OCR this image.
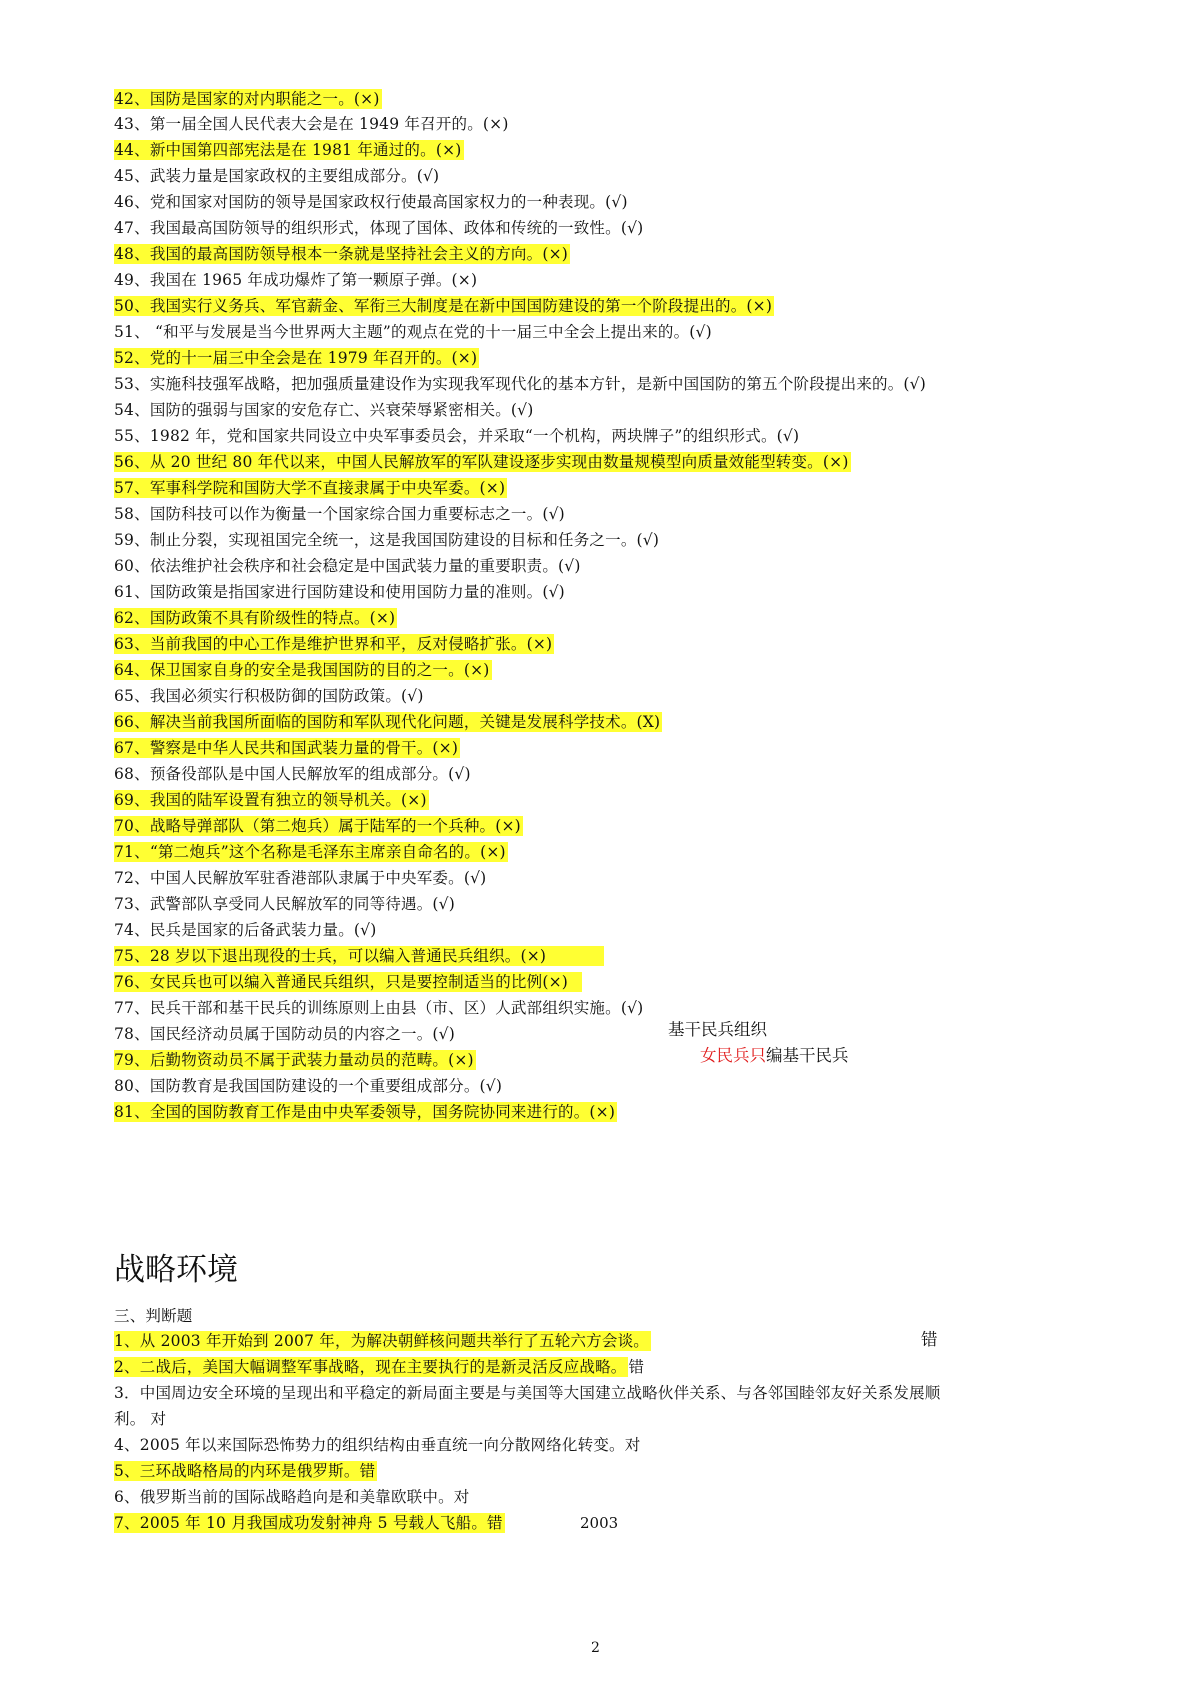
42、国防是国家的对内职能之一。(×)
43、第一届全国人民代表大会是在 1949 年召开的。(×)
44、新中国第四部宪法是在 1981 年通过的。(×)
45、武装力量是国家政权的主要组成部分。(√)
46、党和国家对国防的领导是国家政权行使最高国家权力的一种表现。(√)
47、我国最高国防领导的组织形式，体现了国体、政体和传统的一致性。(√)
48、我国的最高国防领导根本一条就是坚持社会主义的方向。(×)
49、我国在 1965 年成功爆炸了第一颗原子弹。(×)
50、我国实行义务兵、军官薪金、军衔三大制度是在新中国国防建设的第一个阶段提出的。(×)
51、 “和平与发展是当今世界两大主题”的观点在党的十一届三中全会上提出来的。(√)
52、党的十一届三中全会是在 1979 年召开的。(×)
53、实施科技强军战略，把加强质量建设作为实现我军现代化的基本方针，是新中国国防的第五个阶段提出来的。(√)
54、国防的强弱与国家的安危存亡、兴衰荣辱紧密相关。(√)
55、1982 年，党和国家共同设立中央军事委员会，并采取“一个机构，两块牌子”的组织形式。(√)
56、从 20 世纪 80 年代以来，中国人民解放军的军队建设逐步实现由数量规模型向质量效能型转变。(×)
57、军事科学院和国防大学不直接隶属于中央军委。(×)
58、国防科技可以作为衡量一个国家综合国力重要标志之一。(√)
59、制止分裂，实现祖国完全统一，这是我国国防建设的目标和任务之一。(√)
60、依法维护社会秩序和社会稳定是中国武装力量的重要职责。(√)
61、国防政策是指国家进行国防建设和使用国防力量的准则。(√)
62、国防政策不具有阶级性的特点。(×)
63、当前我国的中心工作是维护世界和平，反对侵略扩张。(×)
64、保卫国家自身的安全是我国国防的目的之一。(×)
65、我国必须实行积极防御的国防政策。(√)
66、解决当前我国所面临的国防和军队现代化问题，关键是发展科学技术。(X)
67、警察是中华人民共和国武装力量的骨干。(×)
68、预备役部队是中国人民解放军的组成部分。(√)
69、我国的陆军设置有独立的领导机关。(×)
70、战略导弹部队（第二炮兵）属于陆军的一个兵种。(×)
71、“第二炮兵”这个名称是毛泽东主席亲自命名的。(×)
72、中国人民解放军驻香港部队隶属于中央军委。(√)
73、武警部队享受同人民解放军的同等待遇。(√)
74、民兵是国家的后备武装力量。(√)
75、28 岁以下退出现役的士兵，可以编入普通民兵组织。(×)
76、女民兵也可以编入普通民兵组织，只是要控制适当的比例(×)
77、民兵干部和基干民兵的训练原则上由县（市、区）人武部组织实施。(√)
78、国民经济动员属于国防动员的内容之一。(√)
79、后勤物资动员不属于武装力量动员的范畴。(×)
80、国防教育是我国国防建设的一个重要组成部分。(√)
81、全国的国防教育工作是由中央军委领导，国务院协同来进行的。(×)
基干民兵组织
女民兵只编基干民兵
战略环境
三、判断题
1、从 2003 年开始到 2007 年，为解决朝鲜核问题共举行了五轮六方会谈。	错
2、二战后，美国大幅调整军事战略，现在主要执行的是新灵活反应战略。 错
3．中国周边安全环境的呈现出和平稳定的新局面主要是与美国等大国建立战略伙伴关系、与各邻国睦邻友好关系发展顺
利。 对
4、2005 年以来国际恐怖势力的组织结构由垂直统一向分散网络化转变。对
5、三环战略格局的内环是俄罗斯。错
6、俄罗斯当前的国际战略趋向是和美靠欧联中。对
7、2005 年 10 月我国成功发射神舟 5 号载人飞船。错	2003
2
